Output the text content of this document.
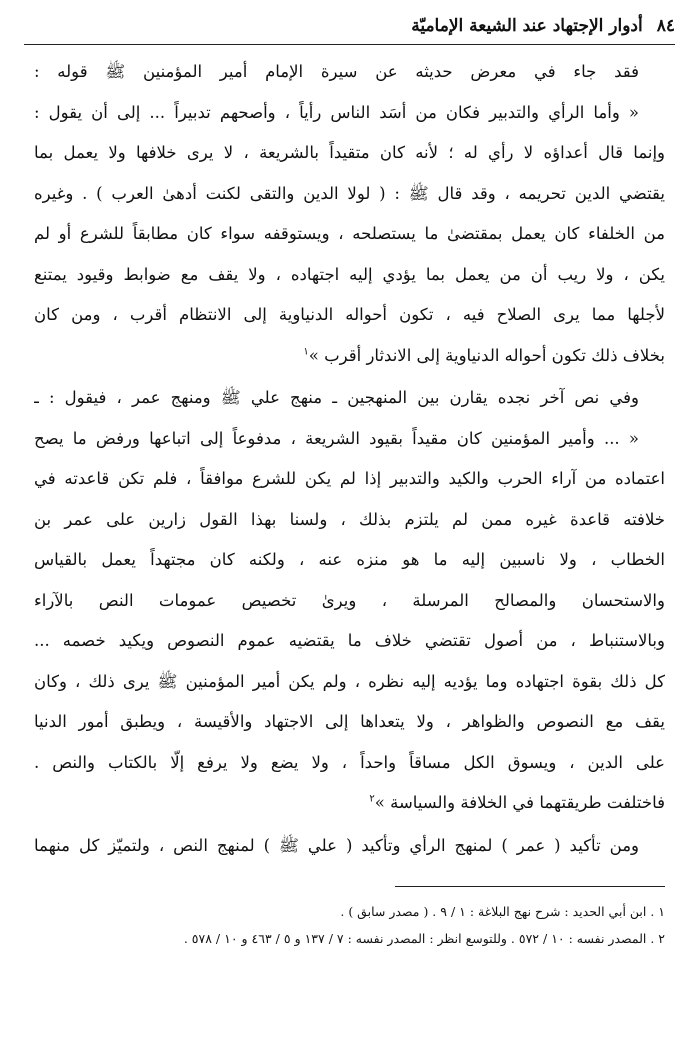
٨٤
أدوار الإجتهاد عند الشيعة الإماميّة
فقد جاء في معرض حديثه عن سيرة الإمام أمير المؤمنين ﷺ قوله :
« وأما الرأي والتدبير فكان من أسَد الناس رأياً ، وأصحهم تدبيراً ... إلى أن يقول :
وإنما قال أعداؤه لا رأي له ؛ لأنه كان متقيداً بالشريعة ، لا يرى خلافها ولا يعمل بما
يقتضي الدين تحريمه ، وقد قال ﷺ : ( لولا الدين والتقى لكنت أدهىٰ العرب ) . وغيره
من الخلفاء كان يعمل بمقتضىٰ ما يستصلحه ، ويستوقفه سواء كان مطابقاً للشرع أو لم
يكن ، ولا ريب أن من يعمل بما يؤدي إليه اجتهاده ، ولا يقف مع ضوابط وقيود يمتنع
لأجلها مما يرى الصلاح فيه ، تكون أحواله الدنياوية إلى الانتظام أقرب ، ومن كان
بخلاف ذلك تكون أحواله الدنياوية إلى الاندثار أقرب »$^١$
وفي نص آخر نجده يقارن بين المنهجين ـ منهج علي ﷺ ومنهج عمر ، فيقول : ـ
« ... وأمير المؤمنين كان مقيداً بقيود الشريعة ، مدفوعاً إلى اتباعها ورفض ما يصح
اعتماده من آراء الحرب والكيد والتدبير إذا لم يكن للشرع موافقاً ، فلم تكن قاعدته في
خلافته قاعدة غيره ممن لم يلتزم بذلك ، ولسنا بهذا القول زارين على عمر بن
الخطاب ، ولا ناسبين إليه ما هو منزه عنه ، ولكنه كان مجتهداً يعمل بالقياس
والاستحسان والمصالح المرسلة ، ويرىٰ تخصيص عمومات النص بالآراء
وبالاستنباط ، من أصول تقتضي خلاف ما يقتضيه عموم النصوص ويكيد خصمه ...
كل ذلك بقوة اجتهاده وما يؤديه إليه نظره ، ولم يكن أمير المؤمنين ﷺ يرى ذلك ، وكان
يقف مع النصوص والظواهر ، ولا يتعداها إلى الاجتهاد والأقيسة ، ويطبق أمور الدنيا
على الدين ، ويسوق الكل مساقاً واحداً ، ولا يضع ولا يرفع إلّا بالكتاب والنص .
فاختلفت طريقتهما في الخلافة والسياسة »$^٢$
ومن تأكيد ( عمر ) لمنهج الرأي وتأكيد ( علي ﷺ ) لمنهج النص ، ولتميّز كل منهما
١ . ابن أبي الحديد : شرح نهج البلاغة : ١ / ٩ . ( مصدر سابق ) .
٢ . المصدر نفسه : ١٠ / ٥٧٢ . وللتوسع انظر : المصدر نفسه : ٧ / ١٣٧ و ٥ / ٤٦٣ و ١٠ / ٥٧٨ .
